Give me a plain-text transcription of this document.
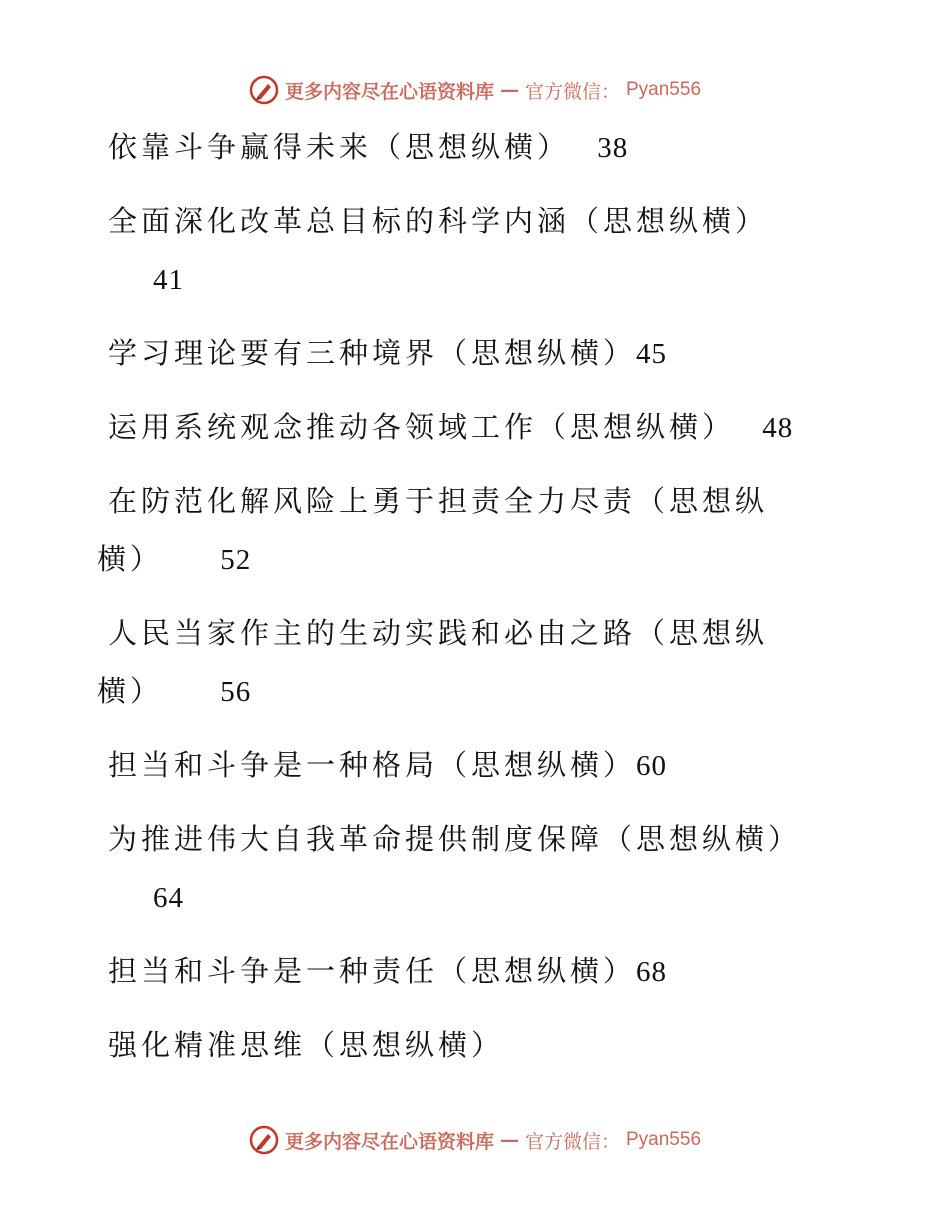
更多内容尽在心语资料库 — 官方微信： Pyan556
依靠斗争赢得未来（思想纵横） 38
全面深化改革总目标的科学内涵（思想纵横）
41
学习理论要有三种境界（思想纵横）45
运用系统观念推动各领域工作（思想纵横） 48
在防范化解风险上勇于担责全力尽责（思想纵
横） 52
人民当家作主的生动实践和必由之路（思想纵
横） 56
担当和斗争是一种格局（思想纵横）60
为推进伟大自我革命提供制度保障（思想纵横）
64
担当和斗争是一种责任（思想纵横）68
强化精准思维（思想纵横）
更多内容尽在心语资料库 — 官方微信： Pyan556
